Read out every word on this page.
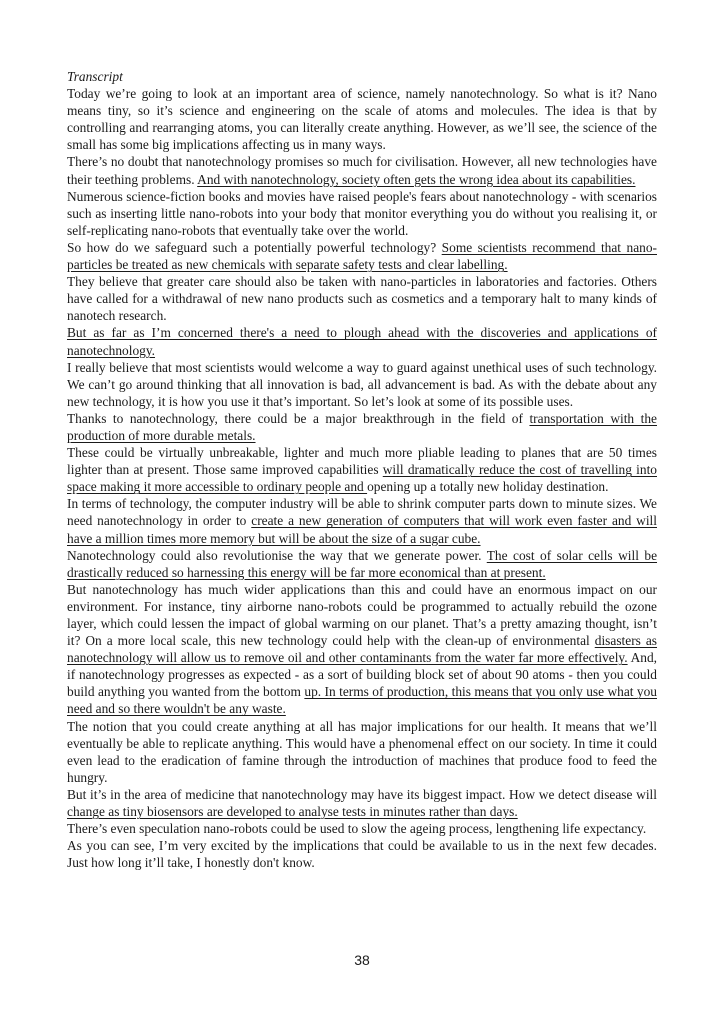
Transcript

Today we’re going to look at an important area of science, namely nanotechnology. So what is it? Nano means tiny, so it’s science and engineering on the scale of atoms and molecules. The idea is that by controlling and rearranging atoms, you can literally create anything. However, as we’ll see, the science of the small has some big implications affecting us in many ways.

There’s no doubt that nanotechnology promises so much for civilisation. However, all new technologies have their teething problems. And with nanotechnology, society often gets the wrong idea about its capabilities.

Numerous science-fiction books and movies have raised people's fears about nanotechnology - with scenarios such as inserting little nano-robots into your body that monitor everything you do without you realising it, or self-replicating nano-robots that eventually take over the world.

So how do we safeguard such a potentially powerful technology? Some scientists recommend that nano-particles be treated as new chemicals with separate safety tests and clear labelling.

They believe that greater care should also be taken with nano-particles in laboratories and factories. Others have called for a withdrawal of new nano products such as cosmetics and a temporary halt to many kinds of nanotech research.

But as far as I’m concerned there's a need to plough ahead with the discoveries and applications of nanotechnology.

I really believe that most scientists would welcome a way to guard against unethical uses of such technology. We can’t go around thinking that all innovation is bad, all advancement is bad. As with the debate about any new technology, it is how you use it that’s important. So let’s look at some of its possible uses.

Thanks to nanotechnology, there could be a major breakthrough in the field of transportation with the production of more durable metals.

These could be virtually unbreakable, lighter and much more pliable leading to planes that are 50 times lighter than at present. Those same improved capabilities will dramatically reduce the cost of travelling into space making it more accessible to ordinary people and opening up a totally new holiday destination.

In terms of technology, the computer industry will be able to shrink computer parts down to minute sizes. We need nanotechnology in order to create a new generation of computers that will work even faster and will have a million times more memory but will be about the size of a sugar cube.

Nanotechnology could also revolutionise the way that we generate power. The cost of solar cells will be drastically reduced so harnessing this energy will be far more economical than at present.

But nanotechnology has much wider applications than this and could have an enormous impact on our environment. For instance, tiny airborne nano-robots could be programmed to actually rebuild the ozone layer, which could lessen the impact of global warming on our planet. That’s a pretty amazing thought, isn’t it? On a more local scale, this new technology could help with the clean-up of environmental disasters as nanotechnology will allow us to remove oil and other contaminants from the water far more effectively. And, if nanotechnology progresses as expected - as a sort of building block set of about 90 atoms - then you could build anything you wanted from the bottom up. In terms of production, this means that you only use what you need and so there wouldn't be any waste.

The notion that you could create anything at all has major implications for our health. It means that we’ll eventually be able to replicate anything. This would have a phenomenal effect on our society. In time it could even lead to the eradication of famine through the introduction of machines that produce food to feed the hungry.

But it’s in the area of medicine that nanotechnology may have its biggest impact. How we detect disease will change as tiny biosensors are developed to analyse tests in minutes rather than days.

There’s even speculation nano-robots could be used to slow the ageing process, lengthening life expectancy.

As you can see, I’m very excited by the implications that could be available to us in the next few decades. Just how long it’ll take, I honestly don't know.

38
